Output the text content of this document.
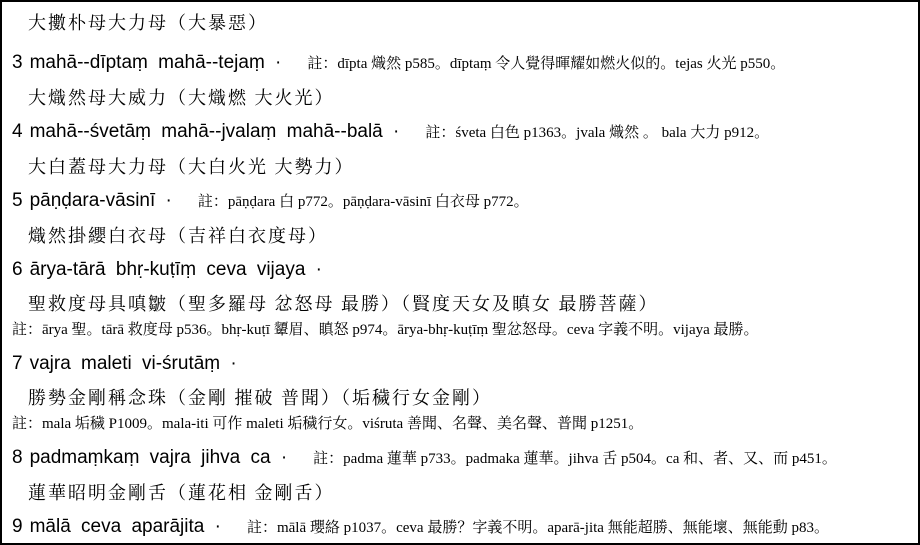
大擻朴母大力母（大暴惡）
3 mahā--dīptaṃ mahā--tejaṃ · 註：dīpta 熾然 p585。dīptaṃ 令人覺得暉耀如燃火似的。tejas 火光 p550。
大熾然母大威力（大熾燃 大火光）
4 mahā--śvetāṃ mahā--jvalaṃ mahā--balā · 註：śveta 白色 p1363。jvala 熾然 。 bala 大力 p912。
大白蓋母大力母（大白火光 大勢力）
5 pāṇḍara-vāsinī · 註：pāṇḍara 白 p772。pāṇḍara-vāsinī 白衣母 p772。
熾然掛纓白衣母（吉祥白衣度母）
6 ārya-tārā bhṛ-kuṭīṃ ceva vijaya ·
聖救度母具嗔皺（聖多羅母 忿怒母 最勝）（賢度天女及瞋女 最勝菩薩）
註：ārya 聖。tārā 救度母 p536。bhṛ-kuṭī 顰眉、瞋怒 p974。ārya-bhṛ-kuṭīṃ 聖忿怒母。ceva 字義不明。vijaya 最勝。
7 vajra maleti vi-śrutāṃ ·
勝勢金剛稱念珠（金剛 摧破 普聞）（垢穢行女金剛）
註：mala 垢穢 P1009。mala-iti 可作 maleti 垢穢行女。viśruta 善聞、名聲、美名聲、普聞 p1251。
8 padmaṃkaṃ vajra jihva ca · 註：padma 蓮華 p733。padmaka 蓮華。jihva 舌 p504。ca 和、者、又、而 p451。
蓮華昭明金剛舌（蓮花相 金剛舌）
9 mālā ceva aparājita · 註：mālā 瓔絡 p1037。ceva 最勝？字義不明。aparā-jita 無能超勝、無能壞、無能動 p83。
